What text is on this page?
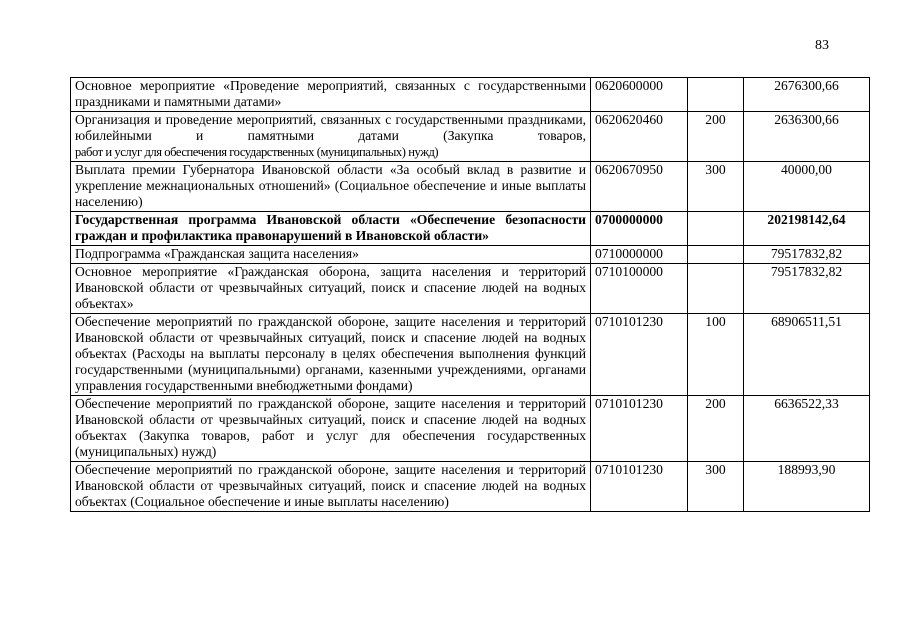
83
Основное мероприятие «Проведение мероприятий, связанных с государственными праздниками и памятными датами»	0620600000		2676300,66
Организация и проведение мероприятий, связанных с государственными праздниками, юбилейными и памятными датами (Закупка товаров, работ и услуг для обеспечения государственных (муниципальных) нужд)	0620620460	200	2636300,66
Выплата премии Губернатора Ивановской области «За особый вклад в развитие и укрепление межнациональных отношений» (Социальное обеспечение и иные выплаты населению)	0620670950	300	40000,00
Государственная программа Ивановской области «Обеспечение безопасности граждан и профилактика правонарушений в Ивановской области»	0700000000		202198142,64
Подпрограмма «Гражданская защита населения»	0710000000		79517832,82
Основное мероприятие «Гражданская оборона, защита населения и территорий Ивановской области от чрезвычайных ситуаций, поиск и спасение людей на водных объектах»	0710100000		79517832,82
Обеспечение мероприятий по гражданской обороне, защите населения и территорий Ивановской области от чрезвычайных ситуаций, поиск и спасение людей на водных объектах (Расходы на выплаты персоналу в целях обеспечения выполнения функций государственными (муниципальными) органами, казенными учреждениями, органами управления государственными внебюджетными фондами)	0710101230	100	68906511,51
Обеспечение мероприятий по гражданской обороне, защите населения и территорий Ивановской области от чрезвычайных ситуаций, поиск и спасение людей на водных объектах (Закупка товаров, работ и услуг для обеспечения государственных (муниципальных) нужд)	0710101230	200	6636522,33
Обеспечение мероприятий по гражданской обороне, защите населения и территорий Ивановской области от чрезвычайных ситуаций, поиск и спасение людей на водных объектах (Социальное обеспечение и иные выплаты населению)	0710101230	300	188993,90
